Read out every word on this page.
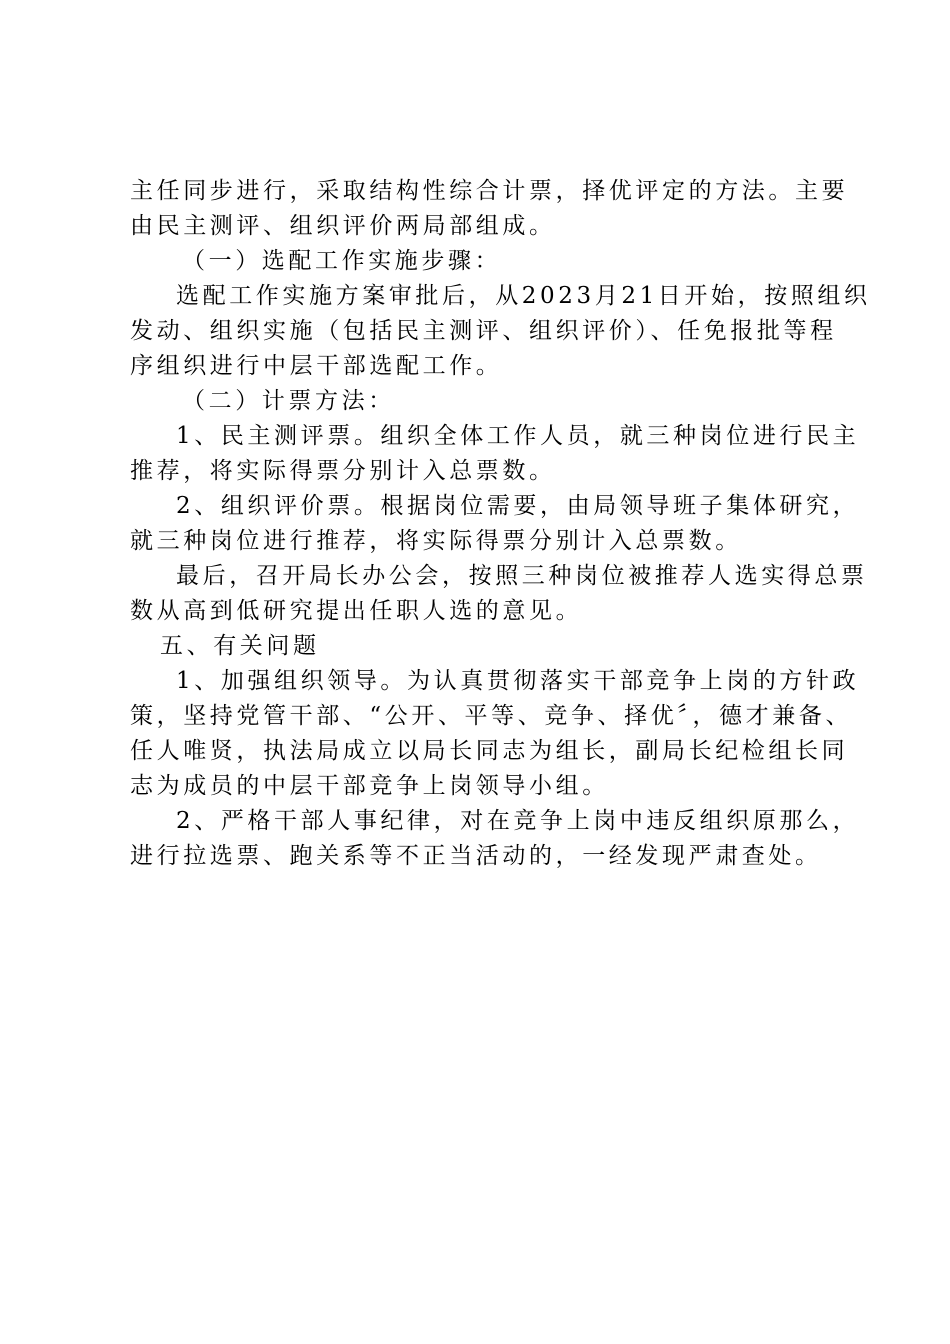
主任同步进行，采取结构性综合计票，择优评定的方法。主要
由民主测评、组织评价两局部组成。
（一）选配工作实施步骤：
选配工作实施方案审批后，从2023月21日开始，按照组织
发动、组织实施（包括民主测评、组织评价）、任免报批等程
序组织进行中层干部选配工作。
（二）计票方法：
1、民主测评票。组织全体工作人员，就三种岗位进行民主
推荐，将实际得票分别计入总票数。
2、组织评价票。根据岗位需要，由局领导班子集体研究，
就三种岗位进行推荐，将实际得票分别计入总票数。
最后，召开局长办公会，按照三种岗位被推荐人选实得总票
数从高到低研究提出任职人选的意见。
五、有关问题
1、加强组织领导。为认真贯彻落实干部竞争上岗的方针政
策，坚持党管干部、“公开、平等、竞争、择优〞，德才兼备、
任人唯贤，执法局成立以局长同志为组长，副局长纪检组长同
志为成员的中层干部竞争上岗领导小组。
2、严格干部人事纪律，对在竞争上岗中违反组织原那么，
进行拉选票、跑关系等不正当活动的，一经发现严肃查处。
